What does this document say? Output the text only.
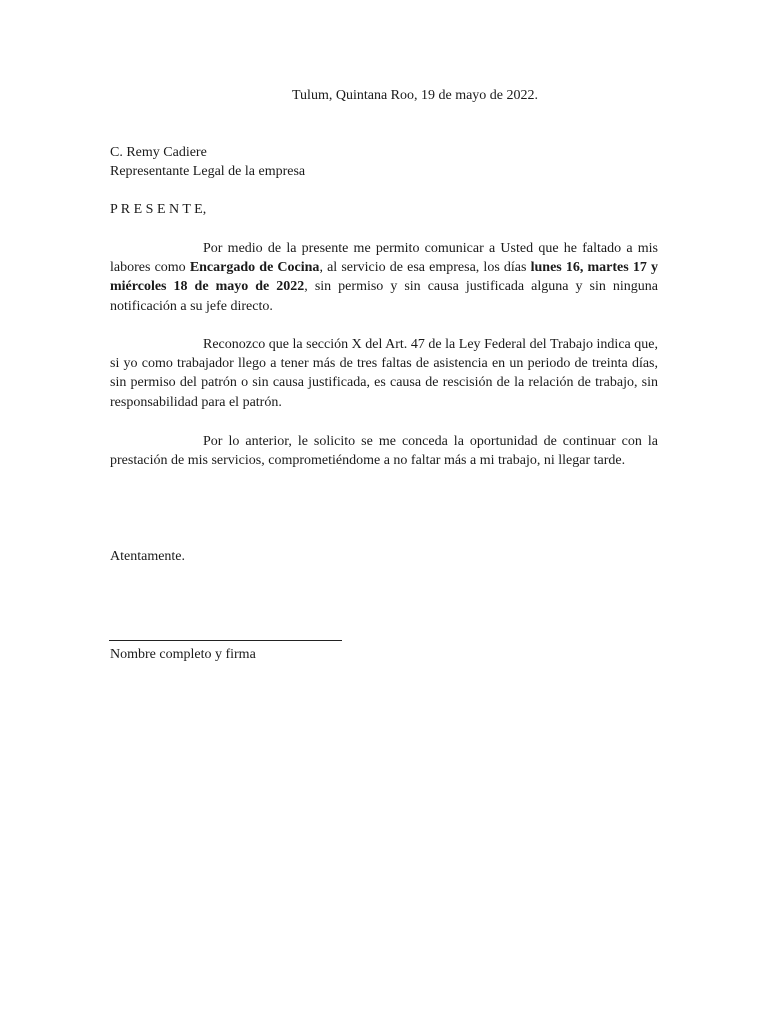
Tulum, Quintana Roo, 19 de mayo de 2022.
C. Remy Cadiere
Representante Legal de la empresa
P R E S E N T E,

Por medio de la presente me permito comunicar a Usted que he faltado a mis labores como Encargado de Cocina, al servicio de esa empresa, los días lunes 16, martes 17 y miércoles 18 de mayo de 2022, sin permiso y sin causa justificada alguna y sin ninguna notificación a su jefe directo.

Reconozco que la sección X del Art. 47 de la Ley Federal del Trabajo indica que, si yo como trabajador llego a tener más de tres faltas de asistencia en un periodo de treinta días, sin permiso del patrón o sin causa justificada, es causa de rescisión de la relación de trabajo, sin responsabilidad para el patrón.

Por lo anterior, le solicito se me conceda la oportunidad de continuar con la prestación de mis servicios, comprometiéndome a no faltar más a mi trabajo, ni llegar tarde.

Atentamente.
Nombre completo y firma
